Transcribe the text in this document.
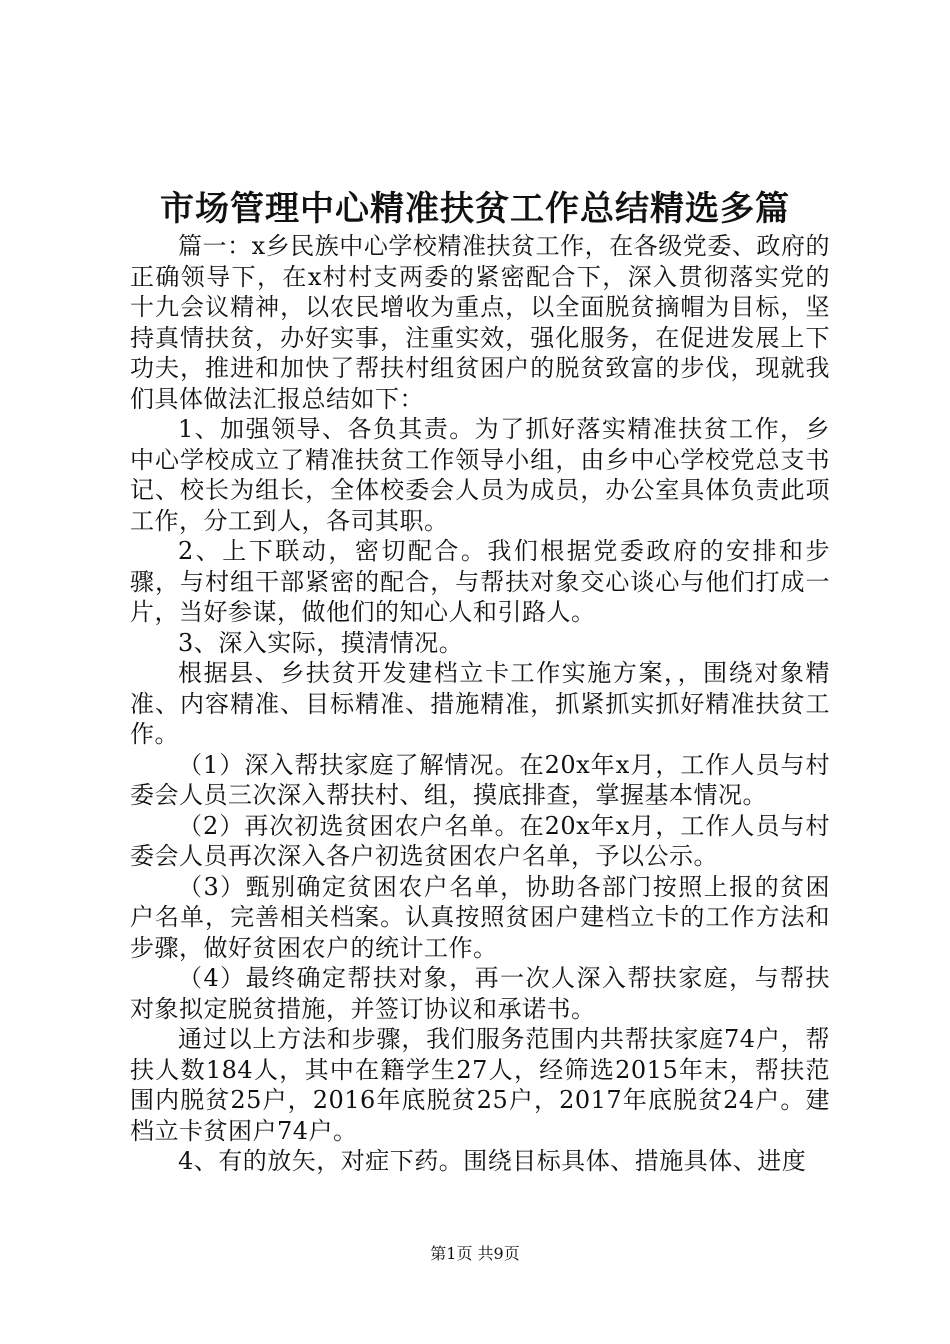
市场管理中心精准扶贫工作总结精选多篇

篇一：x乡民族中心学校精准扶贫工作，在各级党委、政府的正确领导下，在x村村支两委的紧密配合下，深入贯彻落实党的十九会议精神，以农民增收为重点，以全面脱贫摘帽为目标，坚持真情扶贫，办好实事，注重实效，强化服务，在促进发展上下功夫，推进和加快了帮扶村组贫困户的脱贫致富的步伐，现就我们具体做法汇报总结如下：

1、加强领导、各负其责。为了抓好落实精准扶贫工作，乡中心学校成立了精准扶贫工作领导小组，由乡中心学校党总支书记、校长为组长，全体校委会人员为成员，办公室具体负责此项工作，分工到人，各司其职。

2、上下联动，密切配合。我们根据党委政府的安排和步骤，与村组干部紧密的配合，与帮扶对象交心谈心与他们打成一片，当好参谋，做他们的知心人和引路人。

3、深入实际，摸清情况。

根据县、乡扶贫开发建档立卡工作实施方案，，围绕对象精准、内容精准、目标精准、措施精准，抓紧抓实抓好精准扶贫工作。

（1）深入帮扶家庭了解情况。在20x年x月，工作人员与村委会人员三次深入帮扶村、组，摸底排查，掌握基本情况。

（2）再次初选贫困农户名单。在20x年x月，工作人员与村委会人员再次深入各户初选贫困农户名单，予以公示。

（3）甄别确定贫困农户名单，协助各部门按照上报的贫困户名单，完善相关档案。认真按照贫困户建档立卡的工作方法和步骤，做好贫困农户的统计工作。

（4）最终确定帮扶对象，再一次人深入帮扶家庭，与帮扶对象拟定脱贫措施，并签订协议和承诺书。

通过以上方法和步骤，我们服务范围内共帮扶家庭74户，帮扶人数184人，其中在籍学生27人，经筛选2015年末，帮扶范围内脱贫25户，2016年底脱贫25户，2017年底脱贫24户。建档立卡贫困户74户。

4、有的放矢，对症下药。围绕目标具体、措施具体、进度

第1页 共9页
